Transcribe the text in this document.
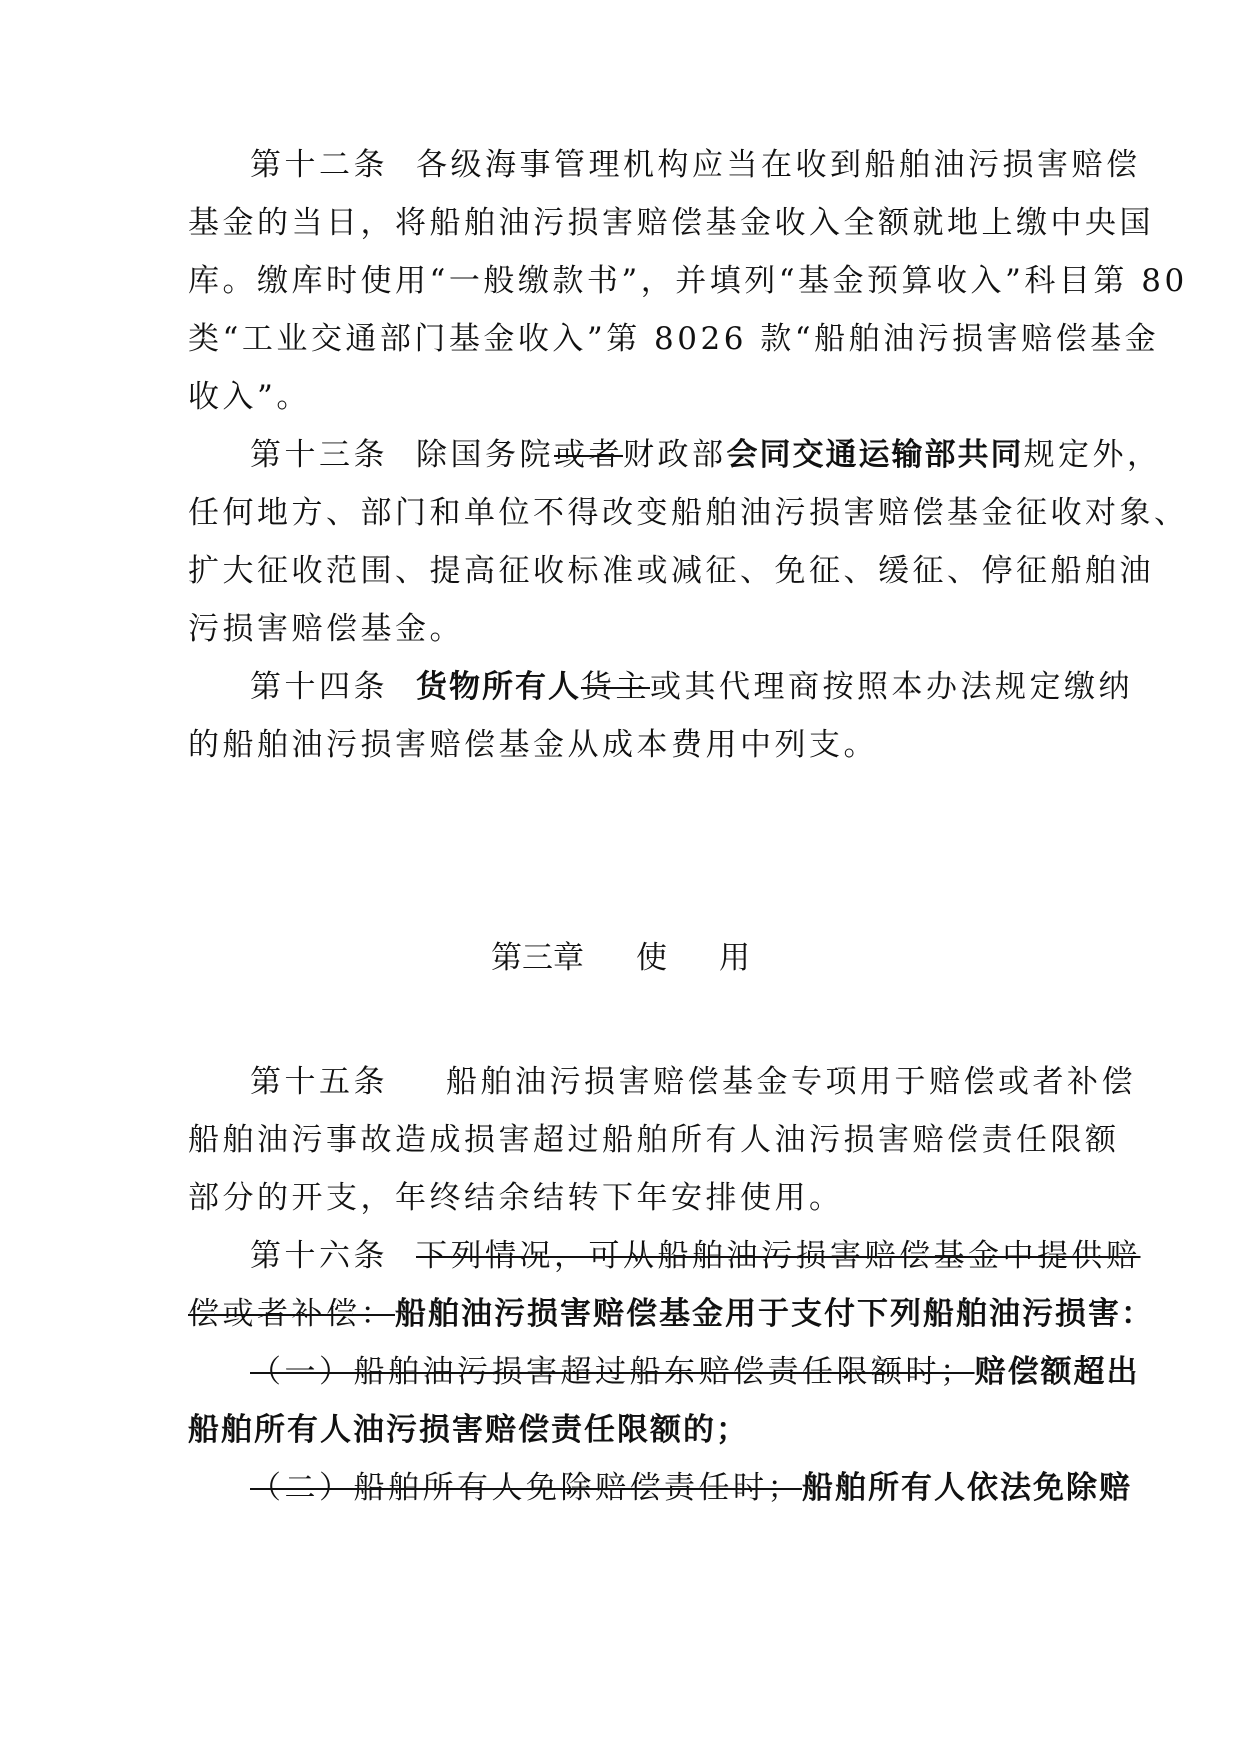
第十二条 各级海事管理机构应当在收到船舶油污损害赔偿
基金的当日，将船舶油污损害赔偿基金收入全额就地上缴中央国
库。缴库时使用“一般缴款书”，并填列“基金预算收入”科目第 80
类“工业交通部门基金收入”第 8026 款“船舶油污损害赔偿基金
收入”。
第十三条 除国务院或者财政部会同交通运输部共同规定外，
任何地方、部门和单位不得改变船舶油污损害赔偿基金征收对象、
扩大征收范围、提高征收标准或减征、免征、缓征、停征船舶油
污损害赔偿基金。
第十四条 货物所有人货主或其代理商按照本办法规定缴纳
的船舶油污损害赔偿基金从成本费用中列支。
第三章 使 用
第十五条 船舶油污损害赔偿基金专项用于赔偿或者补偿
船舶油污事故造成损害超过船舶所有人油污损害赔偿责任限额
部分的开支，年终结余结转下年安排使用。
第十六条 下列情况，可从船舶油污损害赔偿基金中提供赔
偿或者补偿：船舶油污损害赔偿基金用于支付下列船舶油污损害：
（一）船舶油污损害超过船东赔偿责任限额时；赔偿额超出
船舶所有人油污损害赔偿责任限额的；
（二）船舶所有人免除赔偿责任时；船舶所有人依法免除赔
